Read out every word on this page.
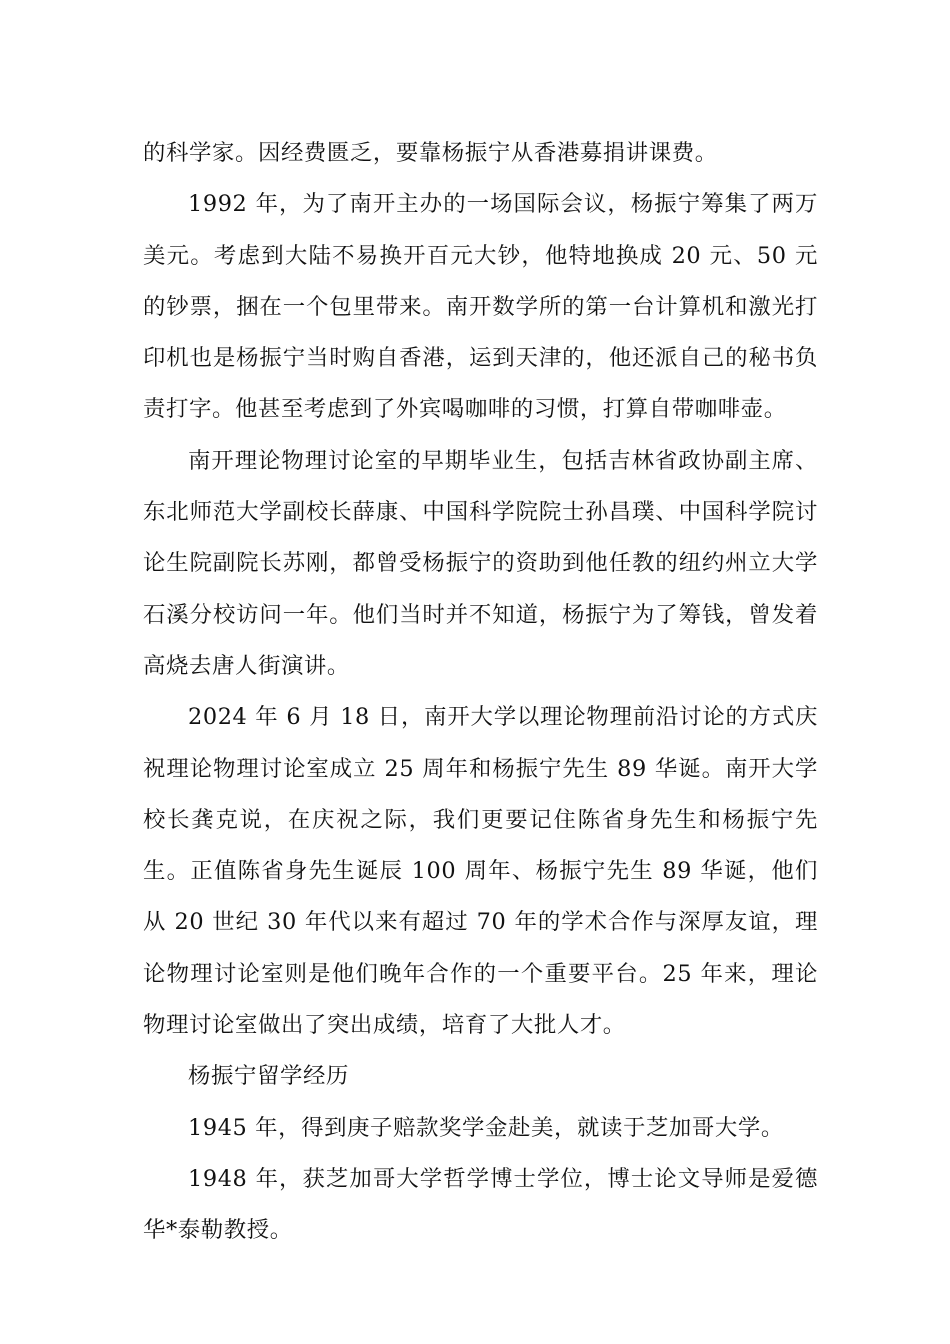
的科学家。因经费匮乏，要靠杨振宁从香港募捐讲课费。

1992 年，为了南开主办的一场国际会议，杨振宁筹集了两万美元。考虑到大陆不易换开百元大钞，他特地换成 20 元、50 元的钞票，捆在一个包里带来。南开数学所的第一台计算机和激光打印机也是杨振宁当时购自香港，运到天津的，他还派自己的秘书负责打字。他甚至考虑到了外宾喝咖啡的习惯，打算自带咖啡壶。

南开理论物理讨论室的早期毕业生，包括吉林省政协副主席、东北师范大学副校长薛康、中国科学院院士孙昌璞、中国科学院讨论生院副院长苏刚，都曾受杨振宁的资助到他任教的纽约州立大学石溪分校访问一年。他们当时并不知道，杨振宁为了筹钱，曾发着高烧去唐人街演讲。

2024 年 6 月 18 日，南开大学以理论物理前沿讨论的方式庆祝理论物理讨论室成立 25 周年和杨振宁先生 89 华诞。南开大学校长龚克说，在庆祝之际，我们更要记住陈省身先生和杨振宁先生。正值陈省身先生诞辰 100 周年、杨振宁先生 89 华诞，他们从 20 世纪 30 年代以来有超过 70 年的学术合作与深厚友谊，理论物理讨论室则是他们晚年合作的一个重要平台。25 年来，理论物理讨论室做出了突出成绩，培育了大批人才。

杨振宁留学经历

1945 年，得到庚子赔款奖学金赴美，就读于芝加哥大学。

1948 年，获芝加哥大学哲学博士学位，博士论文导师是爱德华*泰勒教授。
